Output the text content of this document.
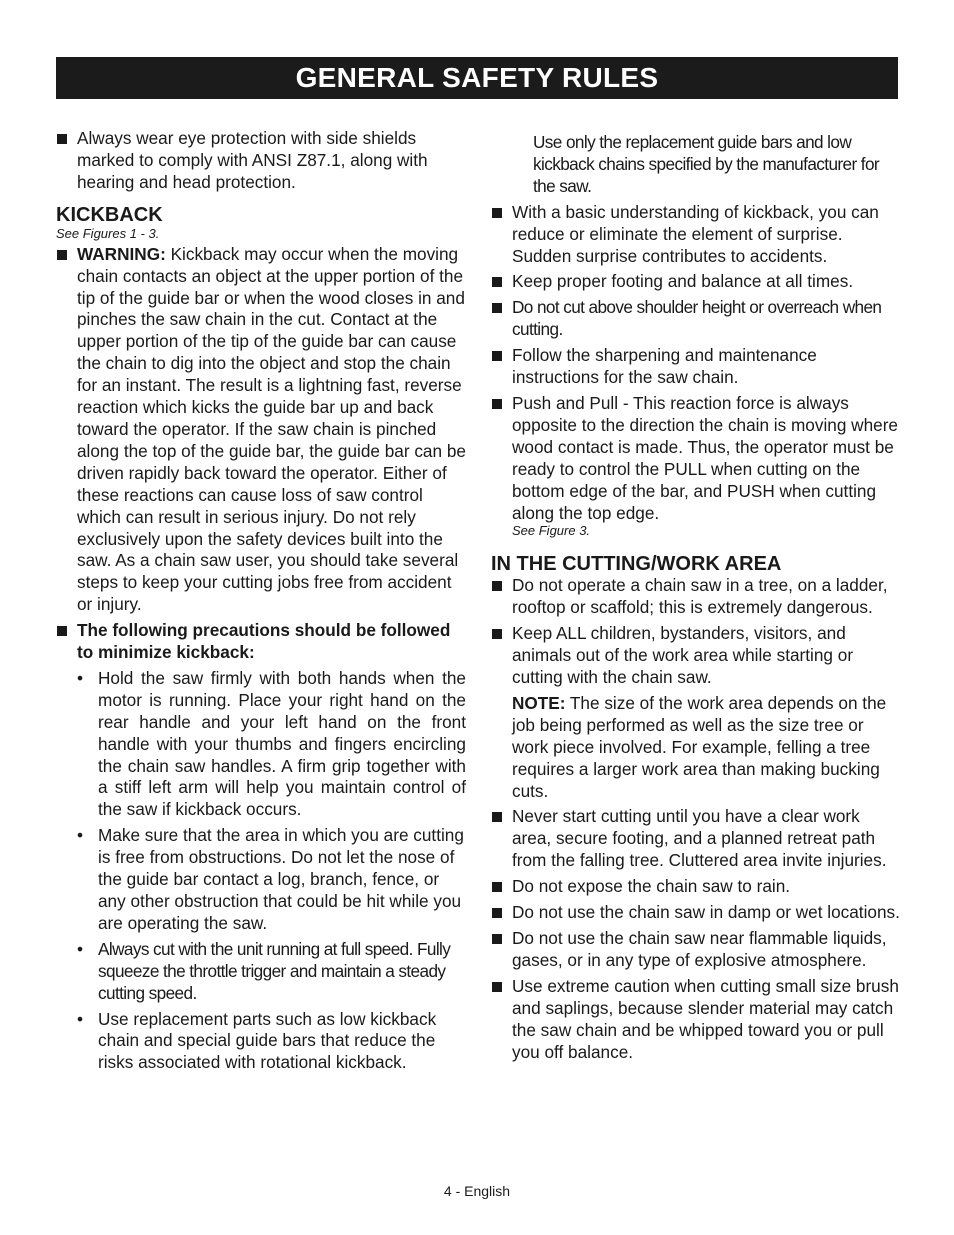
GENERAL SAFETY RULES
Always wear eye protection with side shields marked to comply with ANSI Z87.1, along with hearing and head protection.
KICKBACK
See Figures 1 - 3.
WARNING: Kickback may occur when the moving chain contacts an object at the upper portion of the tip of the guide bar or when the wood closes in and pinches the saw chain in the cut. Contact at the upper portion of the tip of the guide bar can cause the chain to dig into the object and stop the chain for an instant. The result is a lightning fast, reverse reaction which kicks the guide bar up and back toward the operator. If the saw chain is pinched along the top of the guide bar, the guide bar can be driven rapidly back toward the operator. Either of these reactions can cause loss of saw control which can result in serious injury. Do not rely exclusively upon the safety devices built into the saw. As a chain saw user, you should take several steps to keep your cutting jobs free from accident or injury.
The following precautions should be followed to minimize kickback:
• Hold the saw firmly with both hands when the motor is running. Place your right hand on the rear handle and your left hand on the front handle with your thumbs and fingers encircling the chain saw handles. A firm grip together with a stiff left arm will help you maintain control of the saw if kickback occurs.
• Make sure that the area in which you are cutting is free from obstructions. Do not let the nose of the guide bar contact a log, branch, fence, or any other obstruction that could be hit while you are operating the saw.
• Always cut with the unit running at full speed. Fully squeeze the throttle trigger and maintain a steady cutting speed.
• Use replacement parts such as low kickback chain and special guide bars that reduce the risks associated with rotational kickback.
Use only the replacement guide bars and low kickback chains specified by the manufacturer for the saw.
With a basic understanding of kickback, you can reduce or eliminate the element of surprise. Sudden surprise contributes to accidents.
Keep proper footing and balance at all times.
Do not cut above shoulder height or overreach when cutting.
Follow the sharpening and maintenance instructions for the saw chain.
Push and Pull - This reaction force is always opposite to the direction the chain is moving where wood contact is made. Thus, the operator must be ready to control the PULL when cutting on the bottom edge of the bar, and PUSH when cutting along the top edge.
See Figure 3.
IN THE CUTTING/WORK AREA
Do not operate a chain saw in a tree, on a ladder, rooftop or scaffold; this is extremely dangerous.
Keep ALL children, bystanders, visitors, and animals out of the work area while starting or cutting with the chain saw.
NOTE: The size of the work area depends on the job being performed as well as the size tree or work piece involved. For example, felling a tree requires a larger work area than making bucking cuts.
Never start cutting until you have a clear work area, secure footing, and a planned retreat path from the falling tree. Cluttered area invite injuries.
Do not expose the chain saw to rain.
Do not use the chain saw in damp or wet locations.
Do not use the chain saw near flammable liquids, gases, or in any type of explosive atmosphere.
Use extreme caution when cutting small size brush and saplings, because slender material may catch the saw chain and be whipped toward you or pull you off balance.
4 - English
